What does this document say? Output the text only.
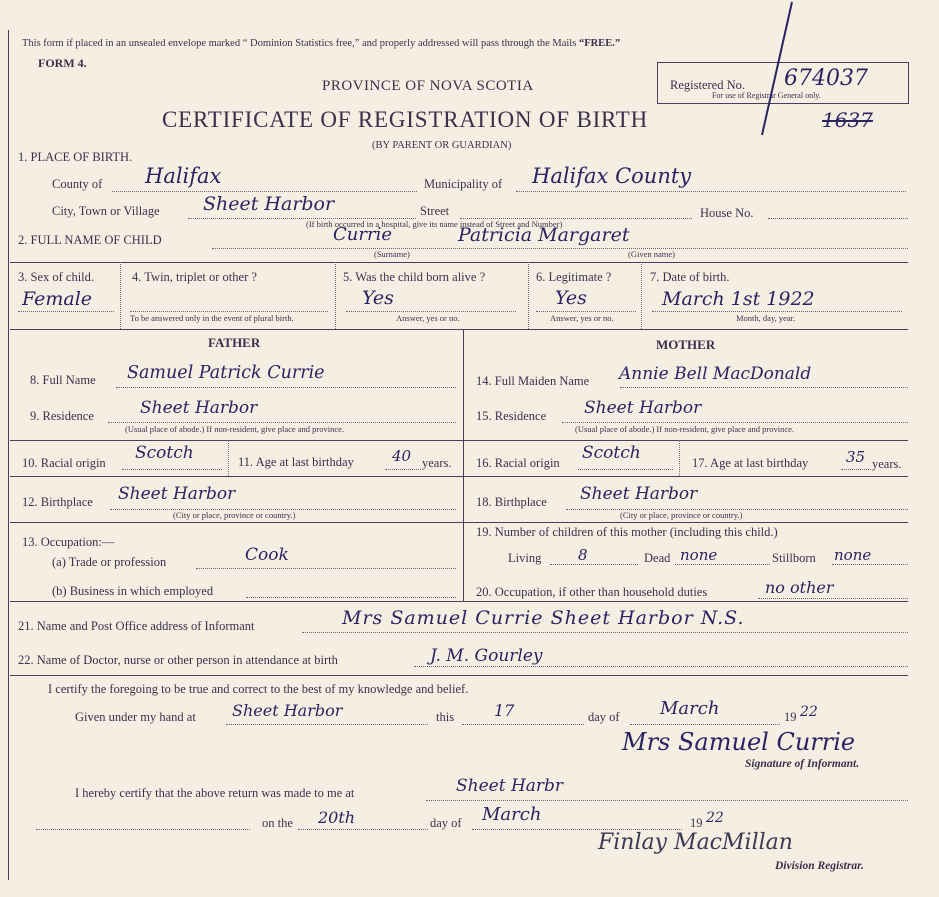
This form if placed in an unsealed envelope marked “ Dominion Statistics free,” and properly addressed will pass through the Mails “FREE.”
FORM 4.
PROVINCE OF NOVA SCOTIA
CERTIFICATE OF REGISTRATION OF BIRTH
(BY PARENT OR GUARDIAN)
Registered No. 674037
For use of Registrar General only.
1637
1. PLACE OF BIRTH.
County of Halifax	Municipality of Halifax County
City, Town or Village Sheet Harbor	Street	House No.
(If birth occurred in a hospital, give its name instead of Street and Number)
2. FULL NAME OF CHILD	Currie	Patricia Margaret
(Surname)	(Given name)
3. Sex of child.
Female
4. Twin, triplet or other ?
To be answered only in the event of plural birth.
5. Was the child born alive ?
Yes
Answer, yes or no.
6. Legitimate ?
Yes
Answer, yes or no.
7. Date of birth.
March 1st 1922
Month, day, year.
FATHER	MOTHER
8. Full Name Samuel Patrick Currie
9. Residence	Sheet Harbor
(Usual place of abode.) If non-resident, give place and province.
10. Racial origin Scotch	11. Age at last birthday	40 years.
12. Birthplace Sheet Harbor
(City or place, province or country.)
13. Occupation:—
(a) Trade or profession	Cook
(b) Business in which employed
14. Full Maiden Name Annie Bell MacDonald
15. Residence Sheet Harbor
(Usual place of abode.) If non-resident, give place and province.
16. Racial origin Scotch	17. Age at last birthday	35 years.
18. Birthplace Sheet Harbor
(City or place, province or country.)
19. Number of children of this mother (including this child.)
Living 8	Dead none	Stillborn none
20. Occupation, if other than household duties	no other
21. Name and Post Office address of Informant	Mrs Samuel Currie Sheet Harbor N.S.
22. Name of Doctor, nurse or other person in attendance at birth	J. M. Gourley
I certify the foregoing to be true and correct to the best of my knowledge and belief.
Given under my hand at Sheet Harbor	this 17	day of March	19 22
Mrs Samuel Currie
Signature of Informant.
I hereby certify that the above return was made to me at	Sheet Harbr
on the 20th	day of March	19 22
Finlay MacMillan
Division Registrar.
